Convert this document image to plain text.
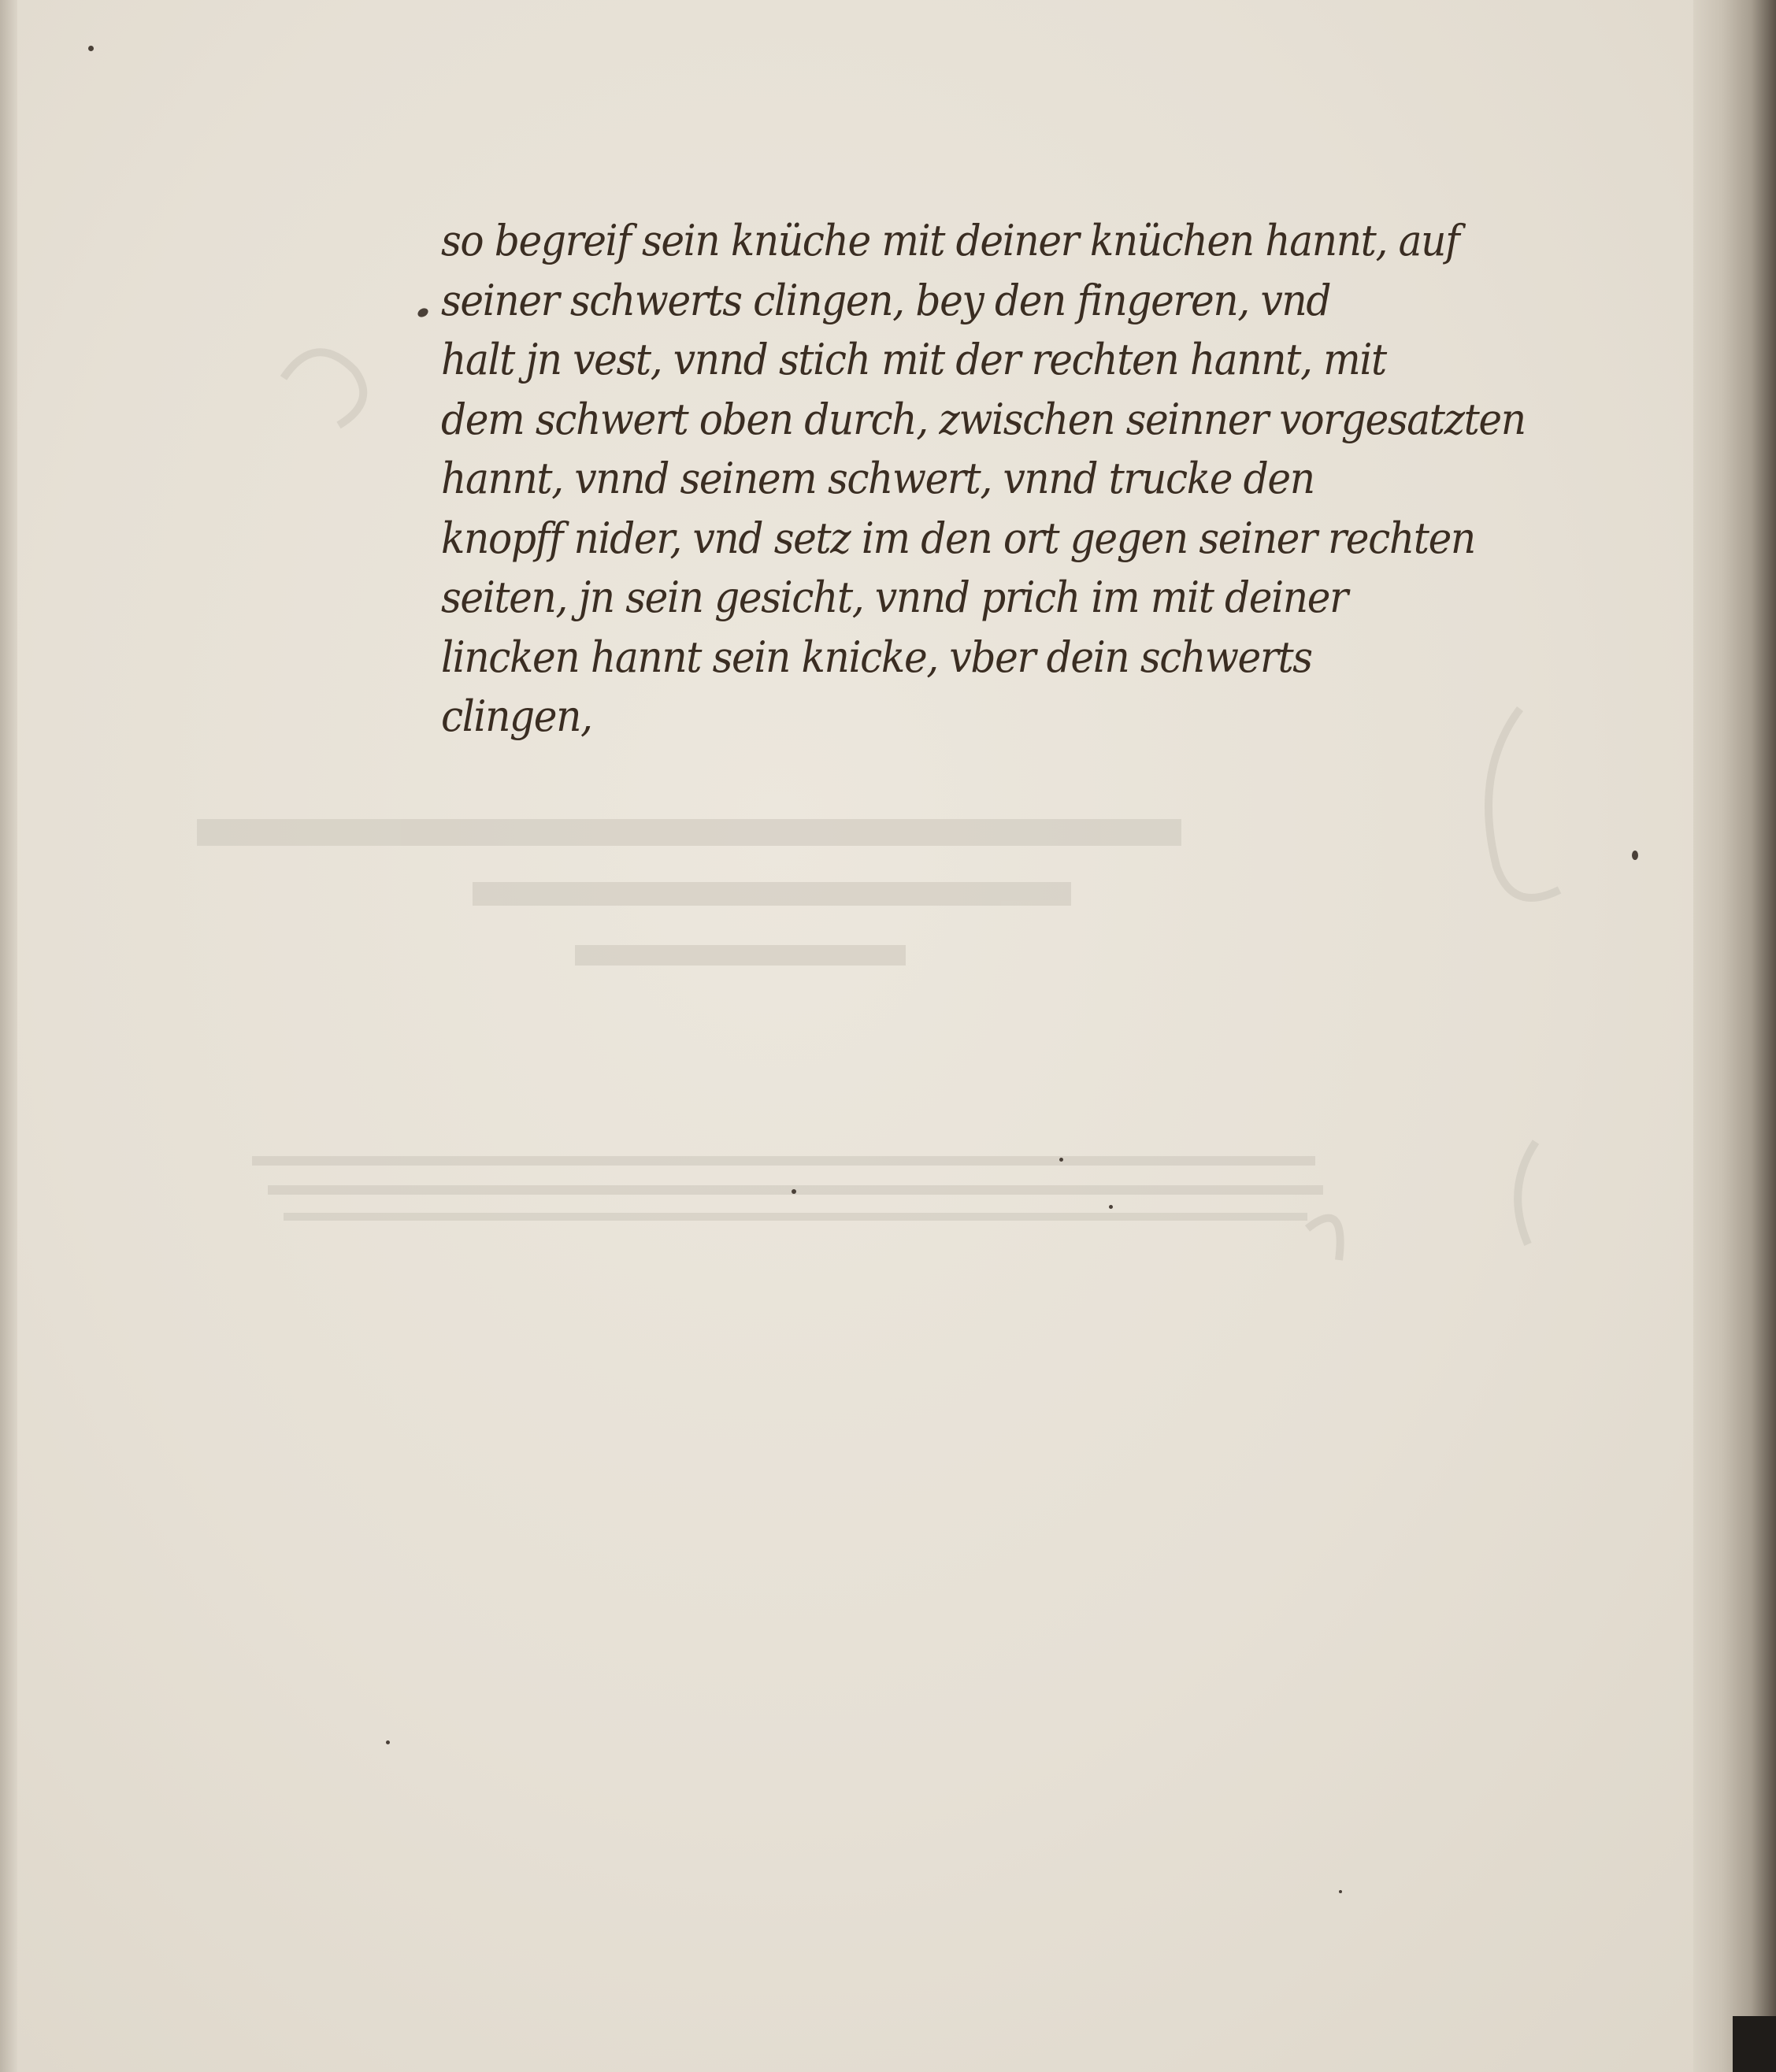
so begreif sein knüche mit deiner knüchen hannt, auf
seiner schwerts clingen, bey den fingeren, vnd
halt jn vest, vnnd stich mit der rechten hannt, mit
dem schwert oben durch, zwischen seinner vorgesatzten
hannt, vnnd seinem schwert, vnnd trucke den
knopff nider, vnd setz im den ort gegen seiner rechten
seiten, jn sein gesicht, vnnd prich im mit deiner
lincken hannt sein knicke, vber dein schwerts
clingen,
